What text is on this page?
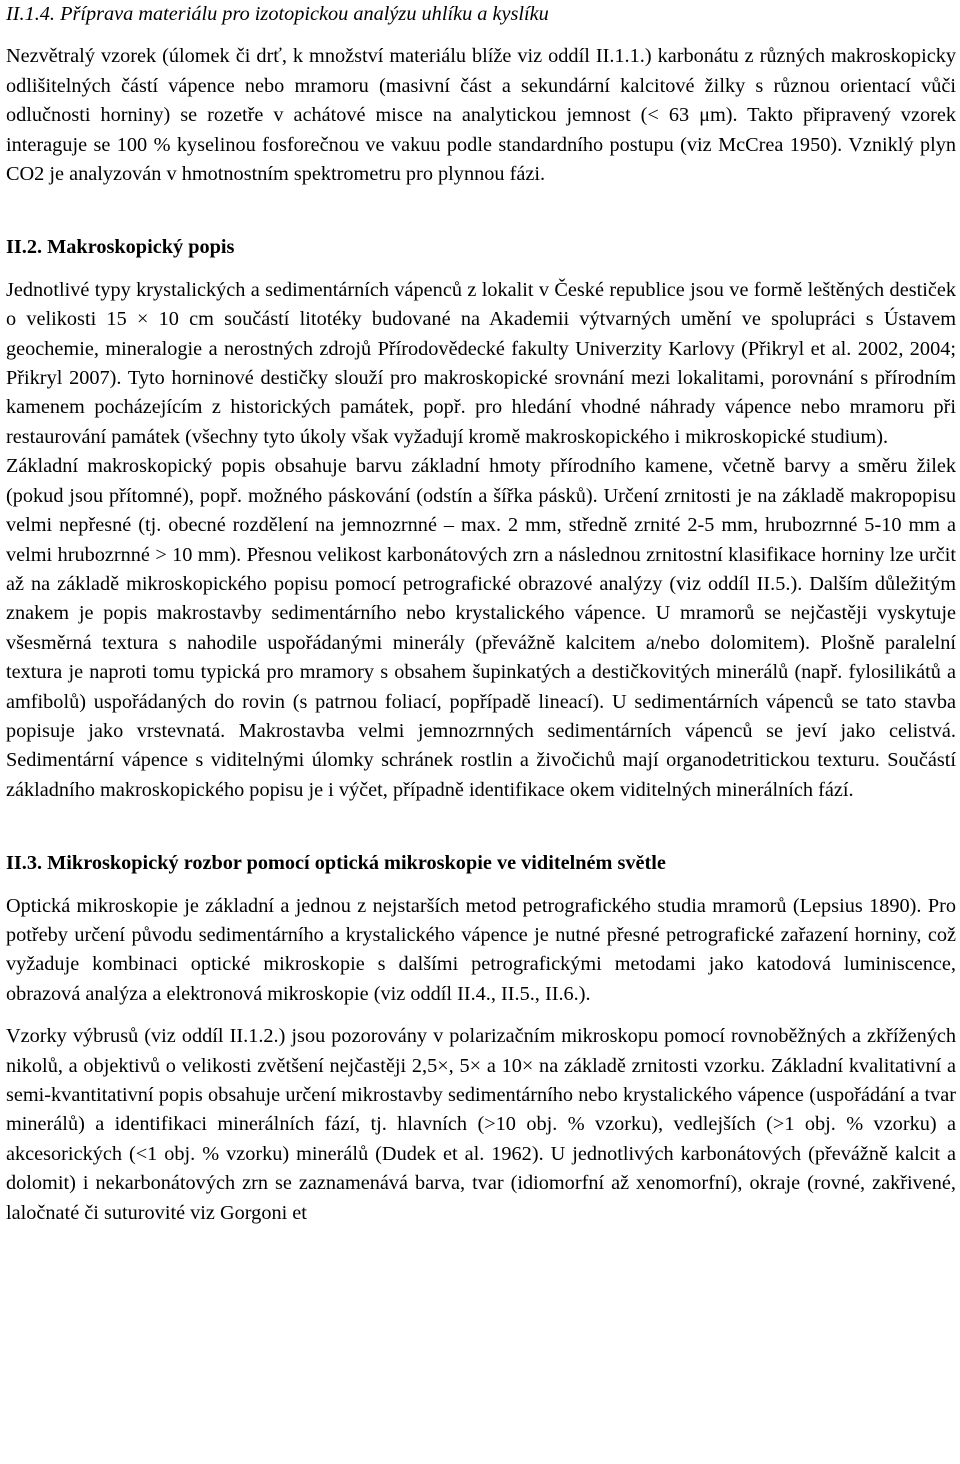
II.1.4. Příprava materiálu pro izotopickou analýzu uhlíku a kyslíku

Nezvětralý vzorek (úlomek či drť, k množství materiálu blíže viz oddíl II.1.1.) karbonátu z různých makroskopicky odlišitelných částí vápence nebo mramoru (masivní část a sekundární kalcitové žilky s různou orientací vůči odlučnosti horniny) se rozetře v achátové misce na analytickou jemnost (< 63 μm). Takto připravený vzorek interaguje se 100 % kyselinou fosforečnou ve vakuu podle standardního postupu (viz McCrea 1950). Vzniklý plyn CO2 je analyzován v hmotnostním spektrometru pro plynnou fázi.

II.2. Makroskopický popis

Jednotlivé typy krystalických a sedimentárních vápenců z lokalit v České republice jsou ve formě leštěných destiček o velikosti 15 × 10 cm součástí litotéky budované na Akademii výtvarných umění ve spolupráci s Ústavem geochemie, mineralogie a nerostných zdrojů Přírodovědecké fakulty Univerzity Karlovy (Přikryl et al. 2002, 2004; Přikryl 2007). Tyto horninové destičky slouží pro makroskopické srovnání mezi lokalitami, porovnání s přírodním kamenem pocházejícím z historických památek, popř. pro hledání vhodné náhrady vápence nebo mramoru při restaurování památek (všechny tyto úkoly však vyžadují kromě makroskopického i mikroskopické studium).

Základní makroskopický popis obsahuje barvu základní hmoty přírodního kamene, včetně barvy a směru žilek (pokud jsou přítomné), popř. možného páskování (odstín a šířka pásků). Určení zrnitosti je na základě makropopisu velmi nepřesné (tj. obecné rozdělení na jemnozrnné – max. 2 mm, středně zrnité 2-5 mm, hrubozrnné 5-10 mm a velmi hrubozrnné > 10 mm). Přesnou velikost karbonátových zrn a následnou zrnitostní klasifikace horniny lze určit až na základě mikroskopického popisu pomocí petrografické obrazové analýzy (viz oddíl II.5.). Dalším důležitým znakem je popis makrostavby sedimentárního nebo krystalického vápence. U mramorů se nejčastěji vyskytuje všesměrná textura s nahodile uspořádanými minerály (převážně kalcitem a/nebo dolomitem). Plošně paralelní textura je naproti tomu typická pro mramory s obsahem šupinkatých a destičkovitých minerálů (např. fylosilikátů a amfibolů) uspořádaných do rovin (s patrnou foliací, popřípadě lineací). U sedimentárních vápenců se tato stavba popisuje jako vrstevnatá. Makrostavba velmi jemnozrnných sedimentárních vápenců se jeví jako celistvá. Sedimentární vápence s viditelnými úlomky schránek rostlin a živočichů mají organodetritickou texturu. Součástí základního makroskopického popisu je i výčet, případně identifikace okem viditelných minerálních fází.

II.3. Mikroskopický rozbor pomocí optická mikroskopie ve viditelném světle

Optická mikroskopie je základní a jednou z nejstarších metod petrografického studia mramorů (Lepsius 1890). Pro potřeby určení původu sedimentárního a krystalického vápence je nutné přesné petrografické zařazení horniny, což vyžaduje kombinaci optické mikroskopie s dalšími petrografickými metodami jako katodová luminiscence, obrazová analýza a elektronová mikroskopie (viz oddíl II.4., II.5., II.6.).

Vzorky výbrusů (viz oddíl II.1.2.) jsou pozorovány v polarizačním mikroskopu pomocí rovnoběžných a zkřížených nikolů, a objektivů o velikosti zvětšení nejčastěji 2,5×, 5× a 10× na základě zrnitosti vzorku. Základní kvalitativní a semi-kvantitativní popis obsahuje určení mikrostavby sedimentárního nebo krystalického vápence (uspořádání a tvar minerálů) a identifikaci minerálních fází, tj. hlavních (>10 obj. % vzorku), vedlejších (>1 obj. % vzorku) a akcesorických (<1 obj. % vzorku) minerálů (Dudek et al. 1962). U jednotlivých karbonátových (převážně kalcit a dolomit) i nekarbonátových zrn se zaznamenává barva, tvar (idiomorfní až xenomorfní), okraje (rovné, zakřivené, laločnaté či suturovité viz Gorgoni et
